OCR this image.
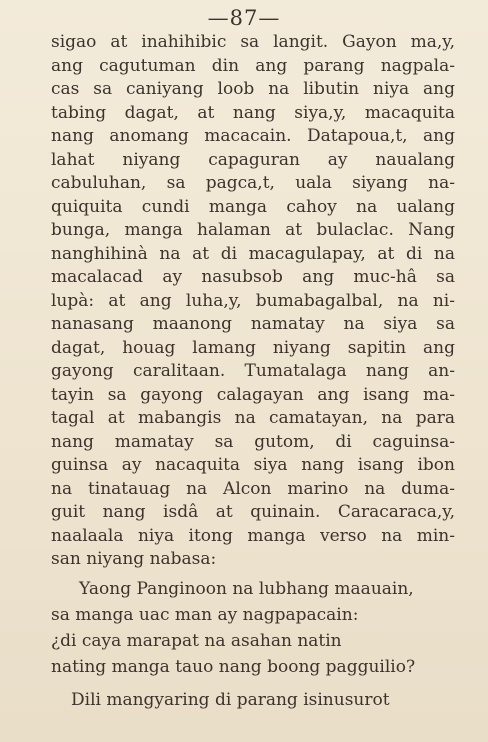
—87—
sigao at inahihibic sa langit. Gayon ma,y,
ang cagutuman din ang parang nagpala-
cas sa caniyang loob na libutin niya ang
tabing dagat, at nang siya,y, macaquita
nang anomang macacain. Datapoua,t, ang
lahat niyang capaguran ay naualang
cabuluhan, sa pagca,t, uala siyang na-
quiquita cundi manga cahoy na ualang
bunga, manga halaman at bulaclac. Nang
nanghihinà na at di macagulapay, at di na
macalacad ay nasubsob ang muc-hâ sa
lupà: at ang luha,y, bumabagalbal, na ni-
nanasang maanong namatay na siya sa
dagat, houag lamang niyang sapitin ang
gayong caralitaan. Tumatalaga nang an-
tayin sa gayong calagayan ang isang ma-
tagal at mabangis na camatayan, na para
nang mamatay sa gutom, di caguinsa-
guinsa ay nacaquita siya nang isang ibon
na tinatauag na Alcon marino na duma-
guit nang isdâ at quinain. Caracaraca,y,
naalaala niya itong manga verso na min-
san niyang nabasa:
Yaong Panginoon na lubhang maauain,
sa manga uac man ay nagpapacain:
¿di caya marapat na asahan natin
nating manga tauo nang boong pagguilio?
Dili mangyaring di parang isinusurot
